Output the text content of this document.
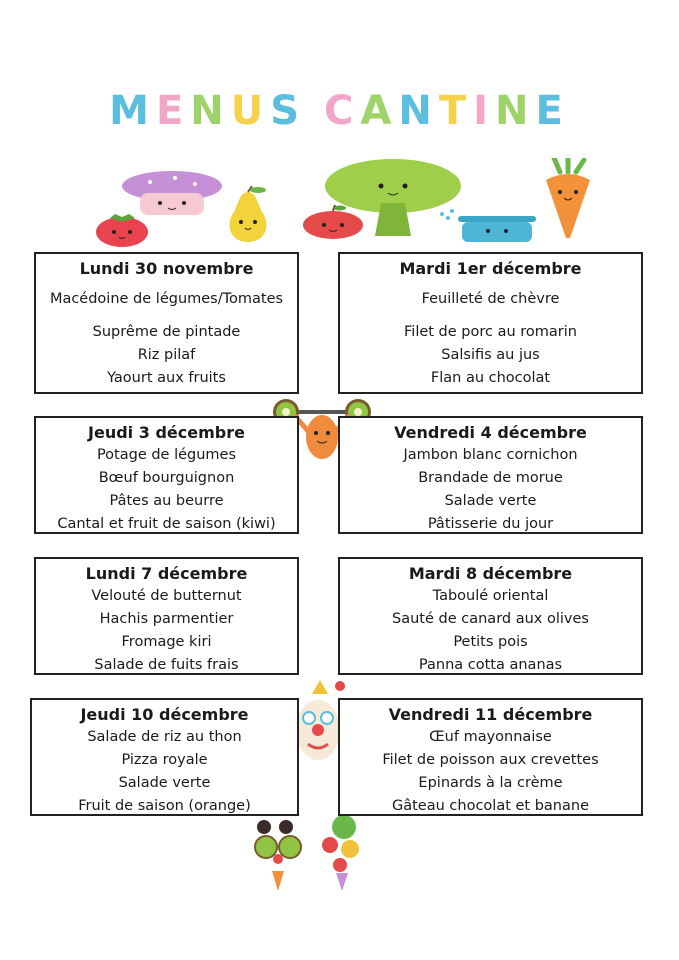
MENUS CANTINE

Lundi 30 novembre

Macédoine de légumes/Tomates

Suprême de pintade

Riz pilaf

Yaourt aux fruits

Mardi 1er décembre

Feuilleté de chèvre

Filet de porc au romarin

Salsifis au jus

Flan au chocolat

Jeudi 3 décembre

Potage de légumes

Bœuf bourguignon

Pâtes au beurre

Cantal et fruit de saison (kiwi)

Vendredi 4 décembre

Jambon blanc cornichon

Brandade de morue

Salade verte

Pâtisserie du jour

Lundi 7 décembre

Velouté de butternut

Hachis parmentier

Fromage kiri

Salade de fuits frais

Mardi 8 décembre

Taboulé oriental

Sauté de canard aux olives

Petits pois

Panna cotta ananas

Jeudi 10 décembre

Salade de riz au thon

Pizza royale

Salade verte

Fruit de saison (orange)

Vendredi 11 décembre

Œuf mayonnaise

Filet de poisson aux crevettes

Epinards à la crème

Gâteau chocolat et banane
